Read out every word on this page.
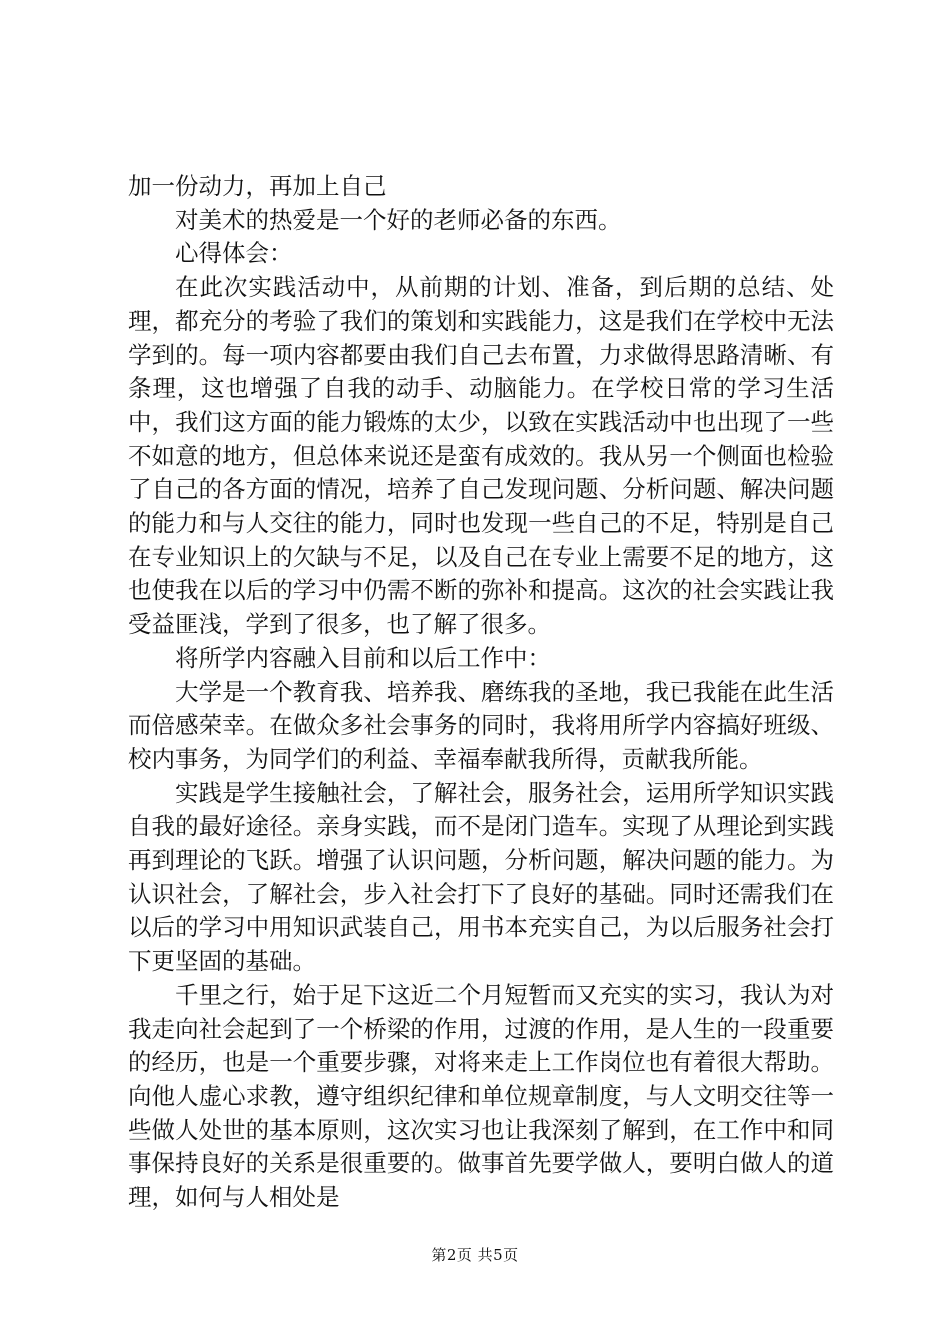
加一份动力，再加上自己

对美术的热爱是一个好的老师必备的东西。

心得体会：

在此次实践活动中，从前期的计划、准备，到后期的总结、处理，都充分的考验了我们的策划和实践能力，这是我们在学校中无法学到的。每一项内容都要由我们自己去布置，力求做得思路清晰、有条理，这也增强了自我的动手、动脑能力。在学校日常的学习生活中，我们这方面的能力锻炼的太少，以致在实践活动中也出现了一些不如意的地方，但总体来说还是蛮有成效的。我从另一个侧面也检验了自己的各方面的情况，培养了自己发现问题、分析问题、解决问题的能力和与人交往的能力，同时也发现一些自己的不足，特别是自己在专业知识上的欠缺与不足，以及自己在专业上需要不足的地方，这也使我在以后的学习中仍需不断的弥补和提高。这次的社会实践让我受益匪浅，学到了很多，也了解了很多。

将所学内容融入目前和以后工作中：

大学是一个教育我、培养我、磨练我的圣地，我已我能在此生活而倍感荣幸。在做众多社会事务的同时，我将用所学内容搞好班级、校内事务，为同学们的利益、幸福奉献我所得，贡献我所能。

实践是学生接触社会，了解社会，服务社会，运用所学知识实践自我的最好途径。亲身实践，而不是闭门造车。实现了从理论到实践再到理论的飞跃。增强了认识问题，分析问题，解决问题的能力。为认识社会，了解社会，步入社会打下了良好的基础。同时还需我们在以后的学习中用知识武装自己，用书本充实自己，为以后服务社会打下更坚固的基础。

千里之行，始于足下这近二个月短暂而又充实的实习，我认为对我走向社会起到了一个桥梁的作用，过渡的作用，是人生的一段重要的经历，也是一个重要步骤，对将来走上工作岗位也有着很大帮助。向他人虚心求教，遵守组织纪律和单位规章制度，与人文明交往等一些做人处世的基本原则，这次实习也让我深刻了解到，在工作中和同事保持良好的关系是很重要的。做事首先要学做人，要明白做人的道理，如何与人相处是

第2页 共5页
